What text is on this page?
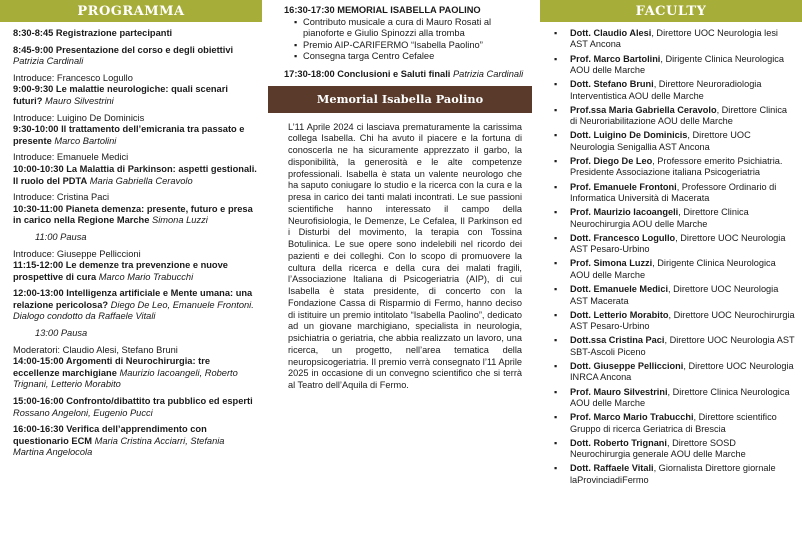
PROGRAMMA
8:30-8:45 Registrazione partecipanti
8:45-9:00 Presentazione del corso e degli obiettivi Patrizia Cardinali
Introduce: Francesco Logullo
9:00-9:30 Le malattie neurologiche: quali scenari futuri? Mauro Silvestrini
Introduce: Luigino De Dominicis
9:30-10:00 Il trattamento dell’emicrania tra passato e presente Marco Bartolini
Introduce: Emanuele Medici
10:00-10:30 La Malattia di Parkinson: aspetti gestionali. Il ruolo del PDTA Maria Gabriella Ceravolo
Introduce: Cristina Paci
10:30-11:00 Pianeta demenza: presente, futuro e presa in carico nella Regione Marche Simona Luzzi
11:00 Pausa
Introduce: Giuseppe Pelliccioni
11:15-12:00 Le demenze tra prevenzione e nuove prospettive di cura Marco Mario Trabucchi
12:00-13:00 Intelligenza artificiale e Mente umana: una relazione pericolosa? Diego De Leo, Emanuele Frontoni. Dialogo condotto da Raffaele Vitali
13:00 Pausa
Moderatori: Claudio Alesi, Stefano Bruni
14:00-15:00 Argomenti di Neurochirurgia: tre eccellenze marchigiane Maurizio Iacoangeli, Roberto Trignani, Letterio Morabito
15:00-16:00 Confronto/dibattito tra pubblico ed esperti Rossano Angeloni, Eugenio Pucci
16:00-16:30 Verifica dell’apprendimento con questionario ECM Maria Cristina Acciarri, Stefania Martina Angelocola
16:30-17:30 MEMORIAL ISABELLA PAOLINO
▪ Contributo musicale a cura di Mauro Rosati al pianoforte e Giulio Spinozzi alla tromba
▪ Premio AIP-CARIFERMO “Isabella Paolino”
▪ Consegna targa Centro Cefalee
17:30-18:00 Conclusioni e Saluti finali Patrizia Cardinali
Memorial Isabella Paolino
L’11 Aprile 2024 ci lasciava prematuramente la carissima collega Isabella. Chi ha avuto il piacere e la fortuna di conoscerla ne ha sicuramente apprezzato il garbo, la disponibilità, la generosità e le alte competenze professionali. Isabella è stata un valente neurologo che ha saputo coniugare lo studio e la ricerca con la cura e la presa in carico dei tanti malati incontrati. Le sue passioni scientifiche hanno interessato il campo della Neurofisiologia, le Demenze, Le Cefalea, Il Parkinson ed i Disturbi del movimento, la terapia con Tossina Botulinica. Le sue opere sono indelebili nel ricordo dei pazienti e dei colleghi. Con lo scopo di promuovere la cultura della ricerca e della cura dei malati fragili, l’Associazione Italiana di Psicogeriatria (AIP), di cui Isabella è stata presidente, di concerto con la Fondazione Cassa di Risparmio di Fermo, hanno deciso di istituire un premio intitolato “Isabella Paolino”, dedicato ad un giovane marchigiano, specialista in neurologia, psichiatria o geriatria, che abbia realizzato un lavoro, una ricerca, un progetto, nell’area tematica della neuropsicogeriatria. Il premio verrà consegnato l’11 Aprile 2025 in occasione di un convegno scientifico che si terrà al Teatro dell’Aquila di Fermo.
FACULTY
▪ Dott. Claudio Alesi, Direttore UOC Neurologia lesi AST Ancona
▪ Prof. Marco Bartolini, Dirigente Clinica Neurologica AOU delle Marche
▪ Dott. Stefano Bruni, Direttore Neuroradiologia Interventistica AOU delle Marche
▪ Prof.ssa Maria Gabriella Ceravolo, Direttore Clinica di Neuroriabilitazione AOU delle Marche
▪ Dott. Luigino De Dominicis, Direttore UOC Neurologia Senigallia AST Ancona
▪ Prof. Diego De Leo, Professore emerito Psichiatria. Presidente Associazione italiana Psicogeriatria
▪ Prof. Emanuele Frontoni, Professore Ordinario di Informatica Università di Macerata
▪ Prof. Maurizio Iacoangeli, Direttore Clinica Neurochirurgia AOU delle Marche
▪ Dott. Francesco Logullo, Direttore UOC Neurologia AST Pesaro-Urbino
▪ Prof. Simona Luzzi, Dirigente Clinica Neurologica AOU delle Marche
▪ Dott. Emanuele Medici, Direttore UOC Neurologia AST Macerata
▪ Dott. Letterio Morabito, Direttore UOC Neurochirurgia AST Pesaro-Urbino
▪ Dott.ssa Cristina Paci, Direttore UOC Neurologia AST SBT-Ascoli Piceno
▪ Dott. Giuseppe Pelliccioni, Direttore UOC Neurologia INRCA Ancona
▪ Prof. Mauro Silvestrini, Direttore Clinica Neurologica AOU delle Marche
▪ Prof. Marco Mario Trabucchi, Direttore scientifico Gruppo di ricerca Geriatrica di Brescia
▪ Dott. Roberto Trignani, Direttore SOSD Neurochirurgia generale AOU delle Marche
▪ Dott. Raffaele Vitali, Giornalista Direttore giornale laProvinciadiFermo
